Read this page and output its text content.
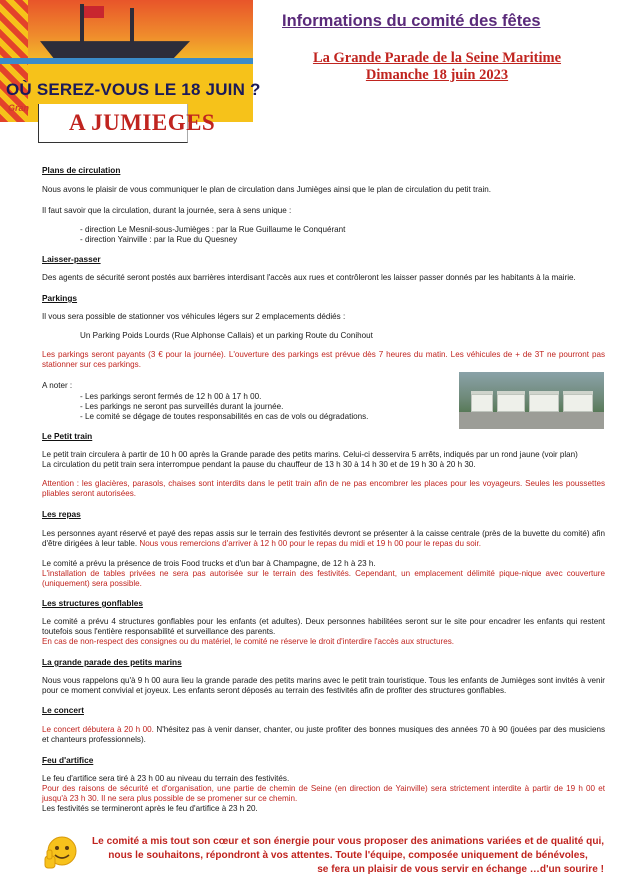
OÙ SEREZ-VOUS LE 18 JUIN ?
Gran
A JUMIEGES
Informations du comité des fêtes
La Grande Parade de la Seine Maritime
Dimanche 18 juin 2023
Plans de circulation
Nous avons le plaisir de vous communiquer le plan de circulation dans Jumièges ainsi que le plan de circulation du petit train.
Il faut savoir que la circulation, durant la journée, sera à sens unique :
- direction Le Mesnil-sous-Jumièges : par la Rue Guillaume le Conquérant
- direction Yainville : par la Rue du Quesney
Laisser-passer
Des agents de sécurité seront postés aux barrières interdisant l'accès aux rues et contrôleront les laisser passer donnés par les habitants à la mairie.
Parkings
Il vous sera possible de stationner vos véhicules légers sur 2 emplacements dédiés :
Un Parking Poids Lourds (Rue Alphonse Callais) et un parking Route du Conihout
Les parkings seront payants (3 € pour la journée). L'ouverture des parkings est prévue dès 7 heures du matin. Les véhicules de + de 3T ne pourront pas stationner sur ces parkings.
A noter :
- Les parkings seront fermés de 12 h 00 à 17 h 00.
- Les parkings ne seront pas surveillés durant la journée.
- Le comité se dégage de toutes responsabilités en cas de vols ou dégradations.
Le Petit train
Le petit train circulera à partir de 10 h 00 après la Grande parade des petits marins. Celui-ci desservira 5 arrêts, indiqués par un rond jaune (voir plan)
La circulation du petit train sera interrompue pendant la pause du chauffeur de 13 h 30 à 14 h 30 et de 19 h 30 à 20 h 30.
Attention : les glacières, parasols, chaises sont interdits dans le petit train afin de ne pas encombrer les places pour les voyageurs. Seules les poussettes pliables seront autorisées.
Les repas
Les personnes ayant réservé et payé des repas assis sur le terrain des festivités devront se présenter à la caisse centrale (près de la buvette du comité) afin d'être dirigées à leur table. Nous vous remercions d'arriver à 12 h 00 pour le repas du midi et 19 h 00 pour le repas du soir.
Le comité a prévu la présence de trois Food trucks et d'un bar à Champagne, de 12 h à 23 h.
L'installation de tables privées ne sera pas autorisée sur le terrain des festivités. Cependant, un emplacement délimité pique-nique avec couverture (uniquement) sera possible.
Les structures gonflables
Le comité a prévu 4 structures gonflables pour les enfants (et adultes). Deux personnes habilitées seront sur le site pour encadrer les enfants qui restent toutefois sous l'entière responsabilité et surveillance des parents.
En cas de non-respect des consignes ou du matériel, le comité ne réserve le droit d'interdire l'accès aux structures.
La grande parade des petits marins
Nous vous rappelons qu'à 9 h 00 aura lieu la grande parade des petits marins avec le petit train touristique. Tous les enfants de Jumièges sont invités à venir pour ce moment convivial et joyeux. Les enfants seront déposés au terrain des festivités afin de profiter des structures gonflables.
Le concert
Le concert débutera à 20 h 00. N'hésitez pas à venir danser, chanter, ou juste profiter des bonnes musiques des années 70 à 90 (jouées par des musiciens et chanteurs professionnels).
Feu d'artifice
Le feu d'artifice sera tiré à 23 h 00 au niveau du terrain des festivités.
Pour des raisons de sécurité et d'organisation, une partie de chemin de Seine (en direction de Yainville) sera strictement interdite à partir de 19 h 00 et jusqu'à 23 h 30. Il ne sera plus possible de se promener sur ce chemin.
Les festivités se termineront après le feu d'artifice à 23 h 20.
Le comité a mis tout son cœur et son énergie pour vous proposer des animations variées et de qualité qui,
nous le souhaitons, répondront à vos attentes. Toute l'équipe, composée uniquement de bénévoles,
se fera un plaisir de vous servir en échange …d'un sourire !
